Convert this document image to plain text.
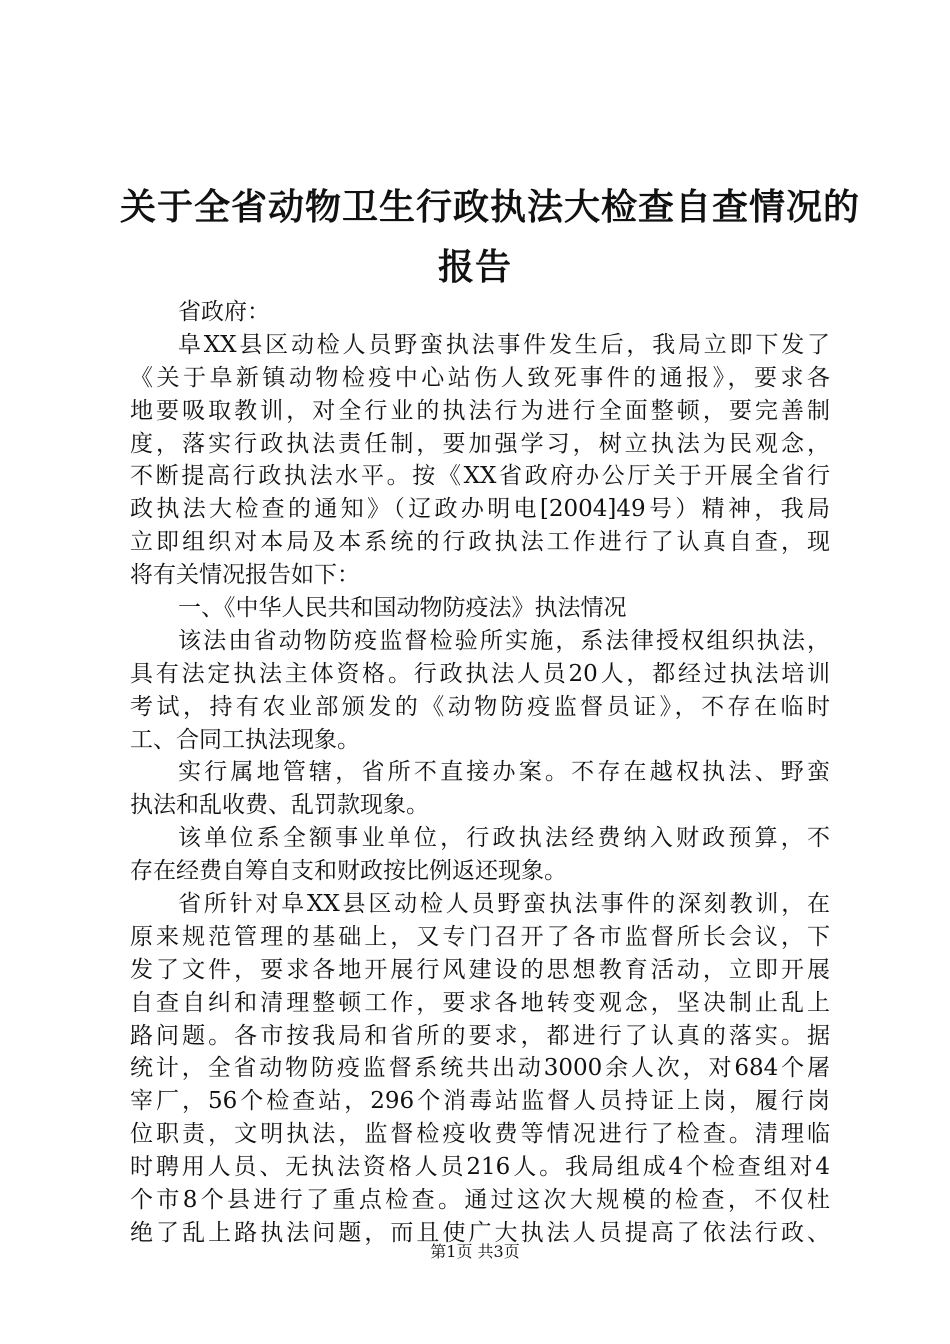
关于全省动物卫生行政执法大检查自查情况的
报告
省政府：
阜XX县区动检人员野蛮执法事件发生后，我局立即下发了
《关于阜新镇动物检疫中心站伤人致死事件的通报》，要求各
地要吸取教训，对全行业的执法行为进行全面整顿，要完善制
度，落实行政执法责任制，要加强学习，树立执法为民观念，
不断提高行政执法水平。按《XX省政府办公厅关于开展全省行
政执法大检查的通知》（辽政办明电[2004]49号）精神，我局
立即组织对本局及本系统的行政执法工作进行了认真自查，现
将有关情况报告如下：
一、《中华人民共和国动物防疫法》执法情况
该法由省动物防疫监督检验所实施，系法律授权组织执法，
具有法定执法主体资格。行政执法人员20人，都经过执法培训
考试，持有农业部颁发的《动物防疫监督员证》，不存在临时
工、合同工执法现象。
实行属地管辖，省所不直接办案。不存在越权执法、野蛮
执法和乱收费、乱罚款现象。
该单位系全额事业单位，行政执法经费纳入财政预算，不
存在经费自筹自支和财政按比例返还现象。
省所针对阜XX县区动检人员野蛮执法事件的深刻教训，在
原来规范管理的基础上，又专门召开了各市监督所长会议，下
发了文件，要求各地开展行风建设的思想教育活动，立即开展
自查自纠和清理整顿工作，要求各地转变观念，坚决制止乱上
路问题。各市按我局和省所的要求，都进行了认真的落实。据
统计，全省动物防疫监督系统共出动3000余人次，对684个屠
宰厂，56个检查站，296个消毒站监督人员持证上岗，履行岗
位职责，文明执法，监督检疫收费等情况进行了检查。清理临
时聘用人员、无执法资格人员216人。我局组成4个检查组对4
个市8个县进行了重点检查。通过这次大规模的检查，不仅杜
绝了乱上路执法问题，而且使广大执法人员提高了依法行政、
第1页 共3页
